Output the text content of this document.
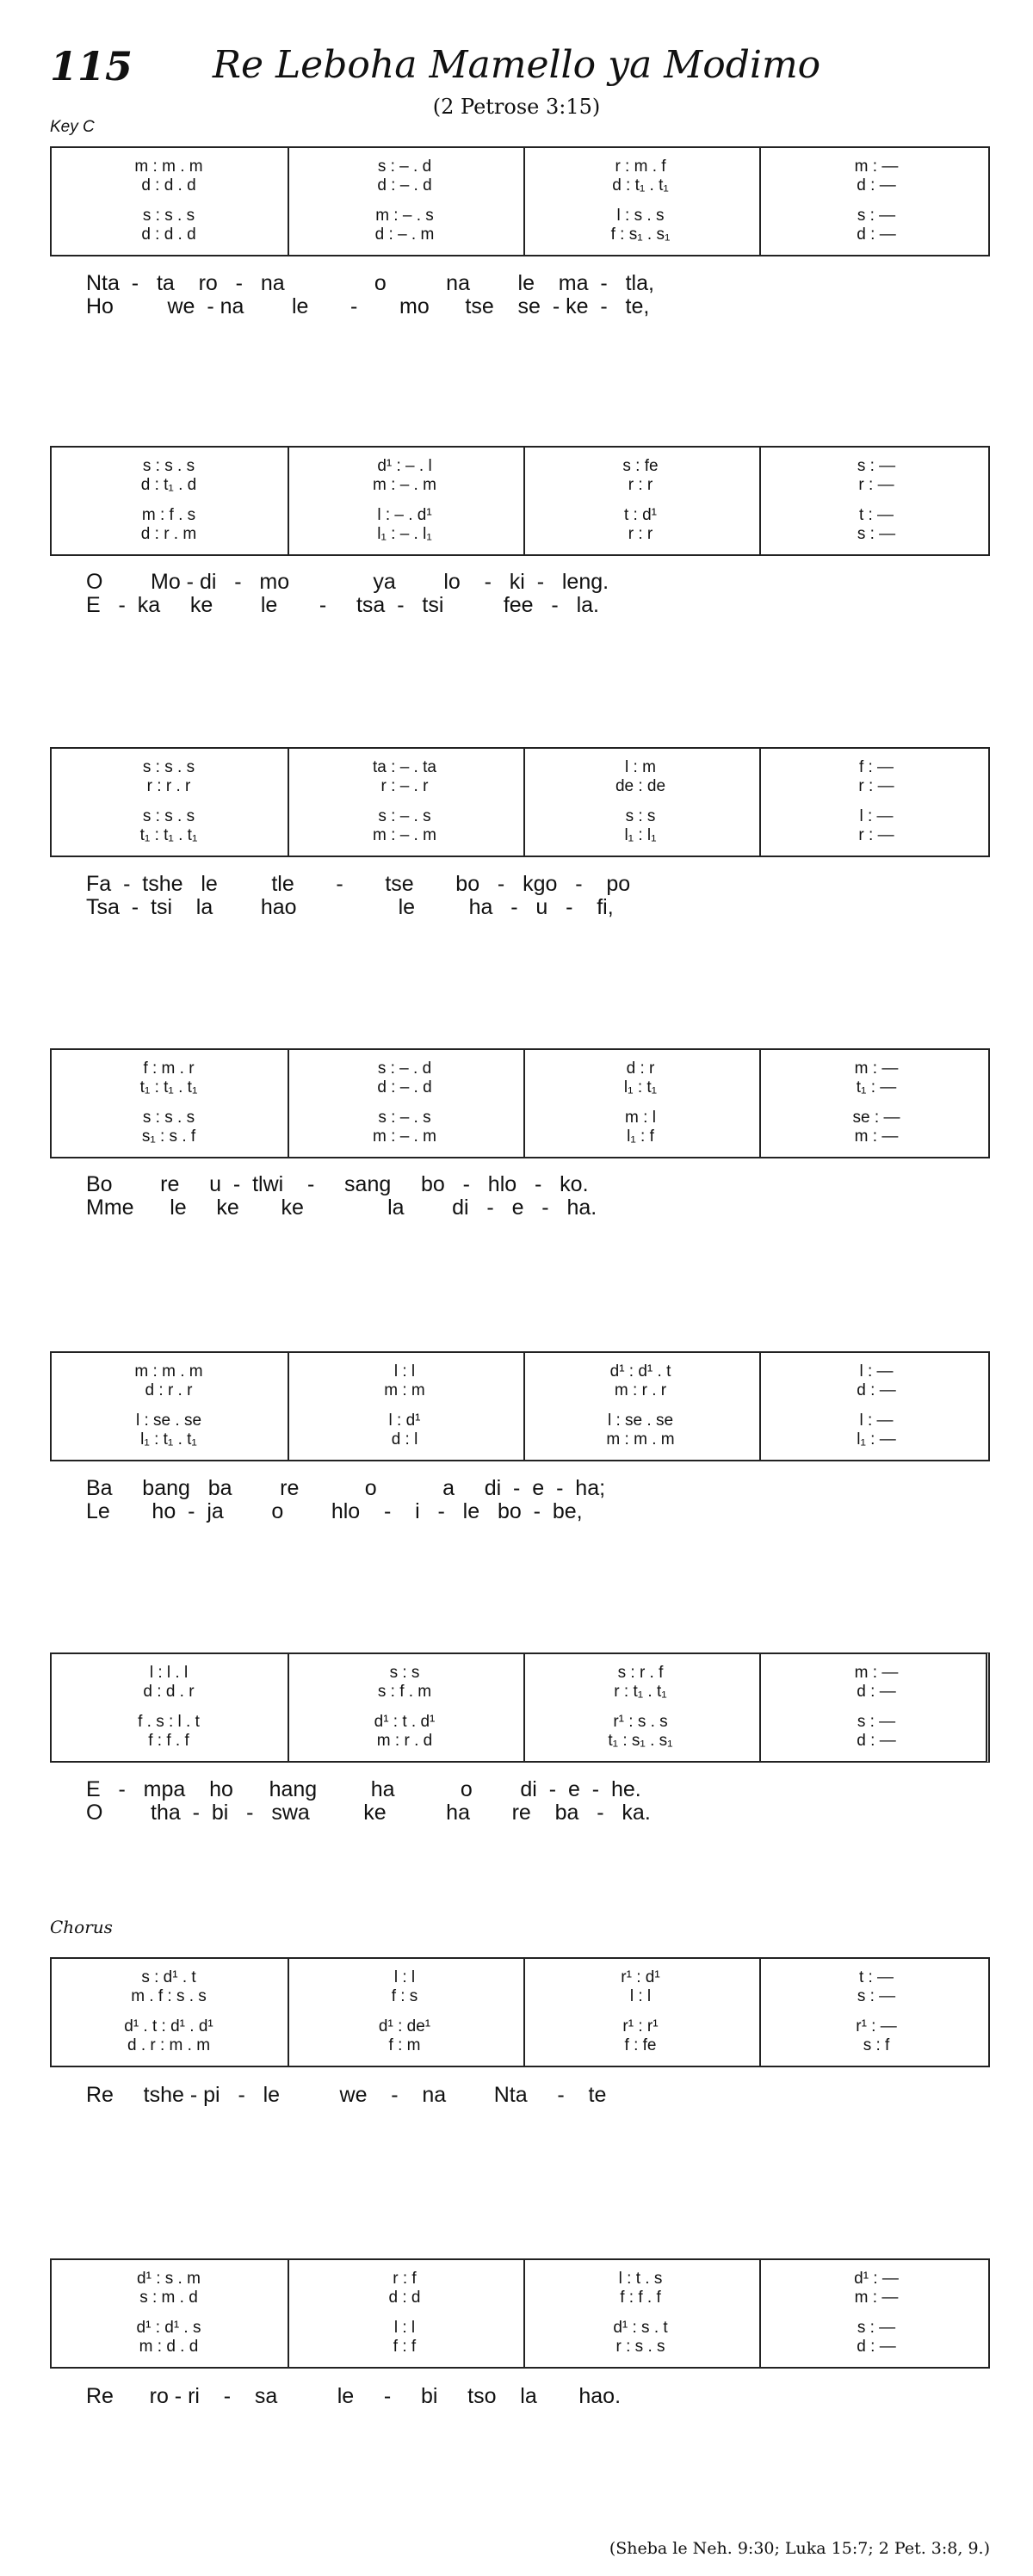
115	Re Leboha Mamello ya Modimo
(2 Petrose 3:15)
Key C
Chorus
m : m . m	s : – . d	r : m . f	m : —
d : d . d	d : – . d	d : t₁ . t₁	d : —
s : s . s	m : – . s	l : s . s	s : —
d : d . d	d : – . m	f : s₁ . s₁	d : —
Nta  -   ta    ro   -   na               o          na        le    ma  -   tla,
Ho         we  - na        le       -       mo      tse    se  - ke  -   te,
s : s . s	d¹ : – . l	s : fe	s : —
d : t₁ . d	m : – . m	r : r	r : —
m : f . s	l : – . d¹	t : d¹	t : —
d : r . m	l₁ : – . l₁	r : r	s : —
O        Mo - di   -   mo              ya        lo    -   ki  -   leng.
E   -  ka     ke        le       -     tsa  -   tsi          fee   -   la.
s : s . s	ta : – . ta	l : m	f : —
r : r . r	r : – . r	de : de	r : —
s : s . s	s : – . s	s : s	l : —
t₁ : t₁ . t₁	m : – . m	l₁ : l₁	r : —
Fa  -  tshe   le         tle       -       tse       bo   -   kgo   -    po
Tsa  -  tsi    la        hao                 le         ha   -   u   -    fi,
f : m . r	s : – . d	d : r	m : —
t₁ : t₁ . t₁	d : – . d	l₁ : t₁	t₁ : —
s : s . s	s : – . s	m : l	se : —
s₁ : s . f	m : – . m	l₁ : f	m : —
Bo        re     u  -  tlwi    -     sang     bo   -   hlo   -   ko.
Mme      le     ke       ke              la        di   -   e   -   ha.
m : m . m	l : l	d¹ : d¹ . t	l : —
d : r . r	m : m	m : r . r	d : —
l : se . se	l : d¹	l : se . se	l : —
l₁ : t₁ . t₁	d : l	m : m . m	l₁ : —
Ba     bang   ba        re           o           a     di  -  e  -  ha;
Le       ho  -  ja        o        hlo    -    i   -   le   bo  -  be,
l : l . l	s : s	s : r . f	m : —
d : d . r	s : f . m	r : t₁ . t₁	d : —
f . s : l . t	d¹ : t . d¹	r¹ : s . s	s : —
f : f . f	m : r . d	t₁ : s₁ . s₁	d : —
E   -   mpa    ho      hang         ha           o        di  -  e  -  he.
O        tha  -  bi   -   swa         ke          ha       re    ba   -   ka.
s : d¹ . t	l : l	r¹ : d¹	t : —
m . f : s . s	f : s	l : l	s : —
d¹ . t : d¹ . d¹	d¹ : de¹	r¹ : r¹	r¹ : —
d . r : m . m	f : m	f : fe	s : f
Re     tshe - pi   -   le          we    -    na        Nta     -    te
d¹ : s . m	r : f	l : t . s	d¹ : —
s : m . d	d : d	f : f . f	m : —
d¹ : d¹ . s	l : l	d¹ : s . t	s : —
m : d . d	f : f	r : s . s	d : —
Re      ro - ri    -    sa          le     -     bi     tso    la       hao.
(Sheba le Neh. 9:30; Luka 15:7; 2 Pet. 3:8, 9.)
